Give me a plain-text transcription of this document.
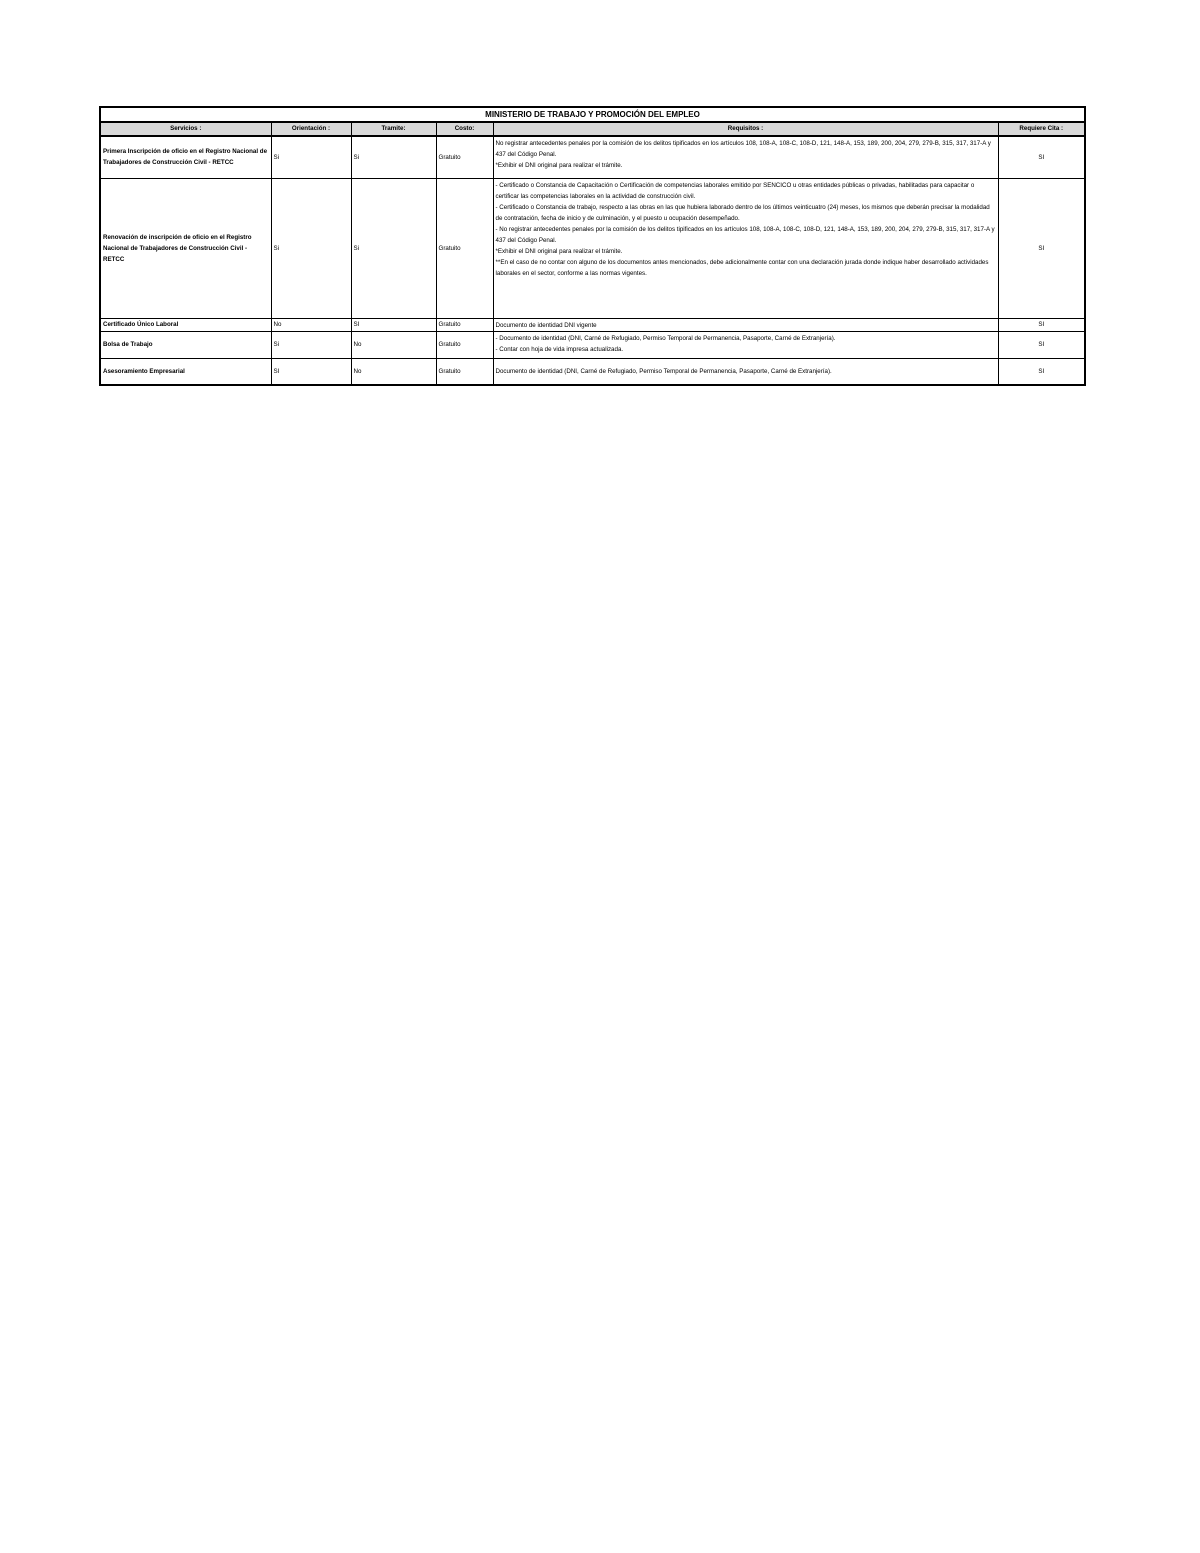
MINISTERIO DE TRABAJO Y PROMOCIÓN DEL EMPLEO					
Servicios :	Orientación :	Tramite:	Costo:	Requisitos :	Requiere Cita :
Primera Inscripción de oficio en el Registro Nacional de Trabajadores de Construcción Civil - RETCC	Si	Si	Gratuito	No registrar antecedentes penales por la comisión de los delitos tipificados en los artículos 108, 108-A, 108-C, 108-D, 121, 148-A, 153, 189, 200, 204, 279, 279-B, 315, 317, 317-A y 437 del Código Penal.
*Exhibir el DNI original para realizar el trámite.	SI
Renovación de inscripción de oficio en el Registro Nacional de Trabajadores de Construcción Civil - RETCC	Si	Si	Gratuito	- Certificado o Constancia de Capacitación o Certificación de competencias laborales emitido por SENCICO u otras entidades públicas o privadas, habilitadas para capacitar o certificar las competencias laborales en la actividad de construcción civil.
- Certificado o Constancia de trabajo, respecto a las obras en las que hubiera laborado dentro de los últimos veinticuatro (24) meses, los mismos que deberán precisar la modalidad de contratación, fecha de inicio y de culminación, y el puesto u ocupación desempeñado.
- No registrar antecedentes penales por la comisión de los delitos tipificados en los artículos 108, 108-A, 108-C, 108-D, 121, 148-A, 153, 189, 200, 204, 279, 279-B, 315, 317, 317-A y 437 del Código Penal.
*Exhibir el DNI original para realizar el trámite.
**En el caso de no contar con alguno de los documentos antes mencionados, debe adicionalmente contar con una declaración jurada donde indique haber desarrollado actividades laborales en el sector, conforme a las normas vigentes.	SI
Certificado Único Laboral	No	SI	Gratuito	Documento de identidad DNI vigente	SI
Bolsa de Trabajo	Si	No	Gratuito	- Documento de identidad (DNI, Carné de Refugiado, Permiso Temporal de Permanencia, Pasaporte, Carné de Extranjería).
- Contar con hoja de vida impresa actualizada.	SI
Asesoramiento Empresarial	SI	No	Gratuito	Documento de identidad (DNI, Carné de Refugiado, Permiso Temporal de Permanencia, Pasaporte, Carné de Extranjería).	SI
